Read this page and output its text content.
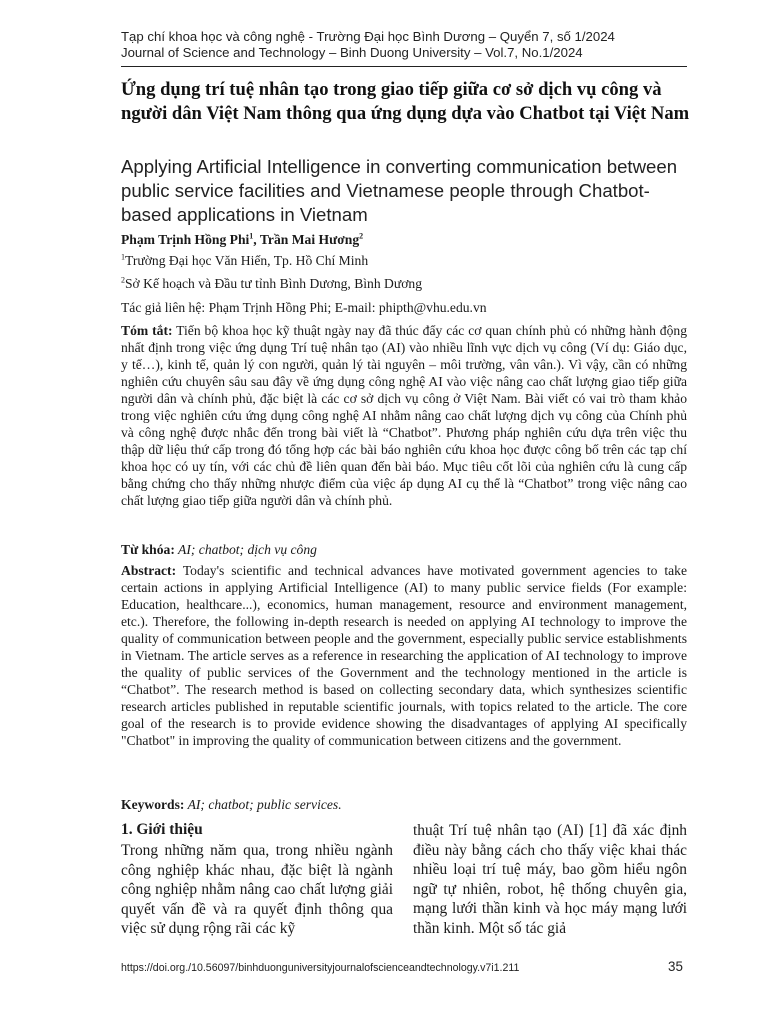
Tạp chí khoa học và công nghệ - Trường Đại học Bình Dương – Quyển 7, số 1/2024
Journal of Science and Technology – Binh Duong University – Vol.7, No.1/2024
Ứng dụng trí tuệ nhân tạo trong giao tiếp giữa cơ sở dịch vụ công và người dân Việt Nam thông qua ứng dụng dựa vào Chatbot tại Việt Nam
Applying Artificial Intelligence in converting communication between public service facilities and Vietnamese people through Chatbot-based applications in Vietnam
Phạm Trịnh Hồng Phi$^1$, Trần Mai Hương$^2$
$^1$Trường Đại học Văn Hiến, Tp. Hồ Chí Minh
$^2$Sở Kế hoạch và Đầu tư tỉnh Bình Dương, Bình Dương
Tác giả liên hệ: Phạm Trịnh Hồng Phi; E-mail: phipth@vhu.edu.vn
Tóm tắt: Tiến bộ khoa học kỹ thuật ngày nay đã thúc đẩy các cơ quan chính phủ có những hành động nhất định trong việc ứng dụng Trí tuệ nhân tạo (AI) vào nhiều lĩnh vực dịch vụ công (Ví dụ: Giáo dục, y tế…), kinh tế, quản lý con người, quản lý tài nguyên – môi trường, vân vân.). Vì vậy, cần có những nghiên cứu chuyên sâu sau đây về ứng dụng công nghệ AI vào việc nâng cao chất lượng giao tiếp giữa người dân và chính phủ, đặc biệt là các cơ sở dịch vụ công ở Việt Nam. Bài viết có vai trò tham khảo trong việc nghiên cứu ứng dụng công nghệ AI nhằm nâng cao chất lượng dịch vụ công của Chính phủ và công nghệ được nhắc đến trong bài viết là “Chatbot”. Phương pháp nghiên cứu dựa trên việc thu thập dữ liệu thứ cấp trong đó tổng hợp các bài báo nghiên cứu khoa học được công bố trên các tạp chí khoa học có uy tín, với các chủ đề liên quan đến bài báo. Mục tiêu cốt lõi của nghiên cứu là cung cấp bằng chứng cho thấy những nhược điểm của việc áp dụng AI cụ thể là “Chatbot” trong việc nâng cao chất lượng giao tiếp giữa người dân và chính phủ.
Từ khóa: AI; chatbot; dịch vụ công
Abstract: Today's scientific and technical advances have motivated government agencies to take certain actions in applying Artificial Intelligence (AI) to many public service fields (For example: Education, healthcare...), economics, human management, resource and environment management, etc.). Therefore, the following in-depth research is needed on applying AI technology to improve the quality of communication between people and the government, especially public service establishments in Vietnam. The article serves as a reference in researching the application of AI technology to improve the quality of public services of the Government and the technology mentioned in the article is “Chatbot”. The research method is based on collecting secondary data, which synthesizes scientific research articles published in reputable scientific journals, with topics related to the article. The core goal of the research is to provide evidence showing the disadvantages of applying AI specifically "Chatbot" in improving the quality of communication between citizens and the government.
Keywords: AI; chatbot; public services.
1. Giới thiệu
Trong những năm qua, trong nhiều ngành công nghiệp khác nhau, đặc biệt là ngành công nghiệp nhằm nâng cao chất lượng giải quyết vấn đề và ra quyết định thông qua việc sử dụng rộng rãi các kỹ
thuật Trí tuệ nhân tạo (AI) [1] đã xác định điều này bằng cách cho thấy việc khai thác nhiều loại trí tuệ máy, bao gồm hiểu ngôn ngữ tự nhiên, robot, hệ thống chuyên gia, mạng lưới thần kinh và học máy mạng lưới thần kinh. Một số tác giả
https://doi.org./10.56097/binhduonguniversityjournalofscienceandtechnology.v7i1.211	35
